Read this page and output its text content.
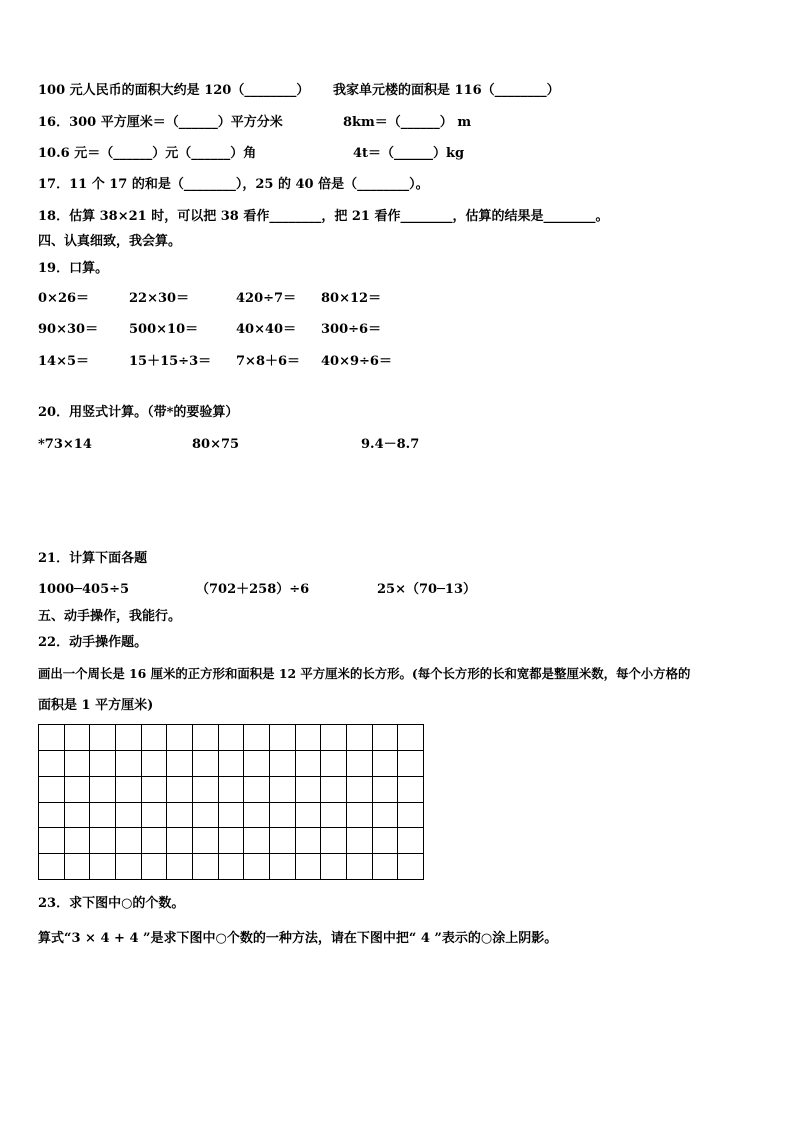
100 元人民币的面积大约是 120（________） 我家单元楼的面积是 116（________）
16．300 平方厘米＝（______）平方分米	8km＝（______） m
10.6 元＝（______）元（______）角	4t＝（______）kg
17．11 个 17 的和是（________），25 的 40 倍是（________）。
18．估算 38×21 时，可以把 38 看作________，把 21 看作________，估算的结果是________。
四、认真细致，我会算。
19．口算。
0×26＝	22×30＝	420÷7＝ 80×12＝
90×30＝ 500×10＝	40×40＝ 300÷6＝
14×5＝	15＋15÷3＝ 7×8＋6＝ 40×9÷6＝
20．用竖式计算。（带*的要验算）
*73×14	80×75	9.4－8.7
21．计算下面各题
1000─405÷5	（702＋258）÷6	25×（70─13）
五、动手操作，我能行。
22．动手操作题。
画出一个周长是 16 厘米的正方形和面积是 12 平方厘米的长方形。(每个长方形的长和宽都是整厘米数，每个小方格的
面积是 1 平方厘米)
23．求下图中○的个数。
算式“3 × 4 + 4 ”是求下图中○个数的一种方法，请在下图中把“ 4 ”表示的○涂上阴影。
